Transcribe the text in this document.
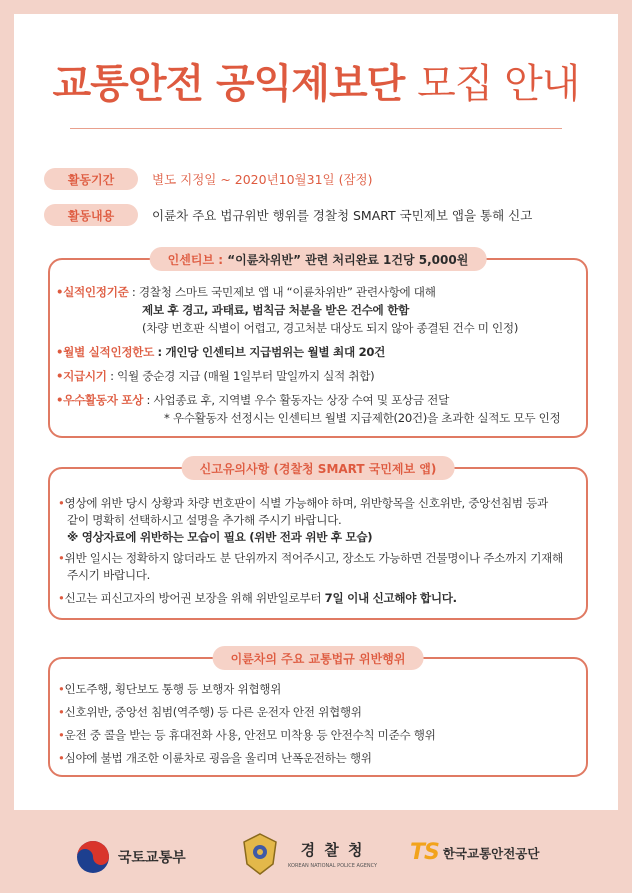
교통안전 공익제보단 모집 안내
활동기간	별도 지정일 ~ 2020년10월31일 (잠정)
활동내용	이륜차 주요 법규위반 행위를 경찰청 SMART 국민제보 앱을 통해 신고
인센티브 :
“이륜차위반” 관련 처리완료 1건당 5,000원
•실적인정기준 : 경찰청 스마트 국민제보 앱 내 “이륜차위반” 관련사항에 대해
제보 후 경고, 과태료, 범칙금 처분을 받은 건수에 한함
(차량 번호판 식별이 어렵고, 경고처분 대상도 되지 않아 종결된 건수 미 인정)
•월별 실적인정한도 : 개인당 인센티브 지급범위는 월별 최대 20건
•지급시기 : 익월 중순경 지급 (매월 1일부터 말일까지 실적 취합)
•우수활동자 포상 : 사업종료 후, 지역별 우수 활동자는 상장 수여 및 포상금 전달
* 우수활동자 선정시는 인센티브 월별 지급제한(20건)을 초과한 실적도 모두 인정
신고유의사항 (경찰청 SMART 국민제보 앱)
•영상에 위반 당시 상황과 차량 번호판이 식별 가능해야 하며, 위반항목을 신호위반, 중앙선침범 등과
같이 명확히 선택하시고 설명을 추가해 주시기 바랍니다.
※ 영상자료에 위반하는 모습이 필요 (위반 전과 위반 후 모습)
•위반 일시는 정확하지 않더라도 분 단위까지 적어주시고, 장소도 가능하면 건물명이나 주소까지 기재해
주시기 바랍니다.
•신고는 피신고자의 방어권 보장을 위해 위반일로부터 7일 이내 신고해야 합니다.
이륜차의 주요 교통법규 위반행위
•인도주행, 횡단보도 통행 등 보행자 위협행위
•신호위반, 중앙선 침범(역주행) 등 다른 운전자 안전 위협행위
•운전 중 콜을 받는 등 휴대전화 사용, 안전모 미착용 등 안전수칙 미준수 행위
•심야에 불법 개조한 이륜차로 굉음을 울리며 난폭운전하는 행위
국토교통부	경 찰 청
KOREAN NATIONAL POLICE AGENCY
TS 한국교통안전공단
